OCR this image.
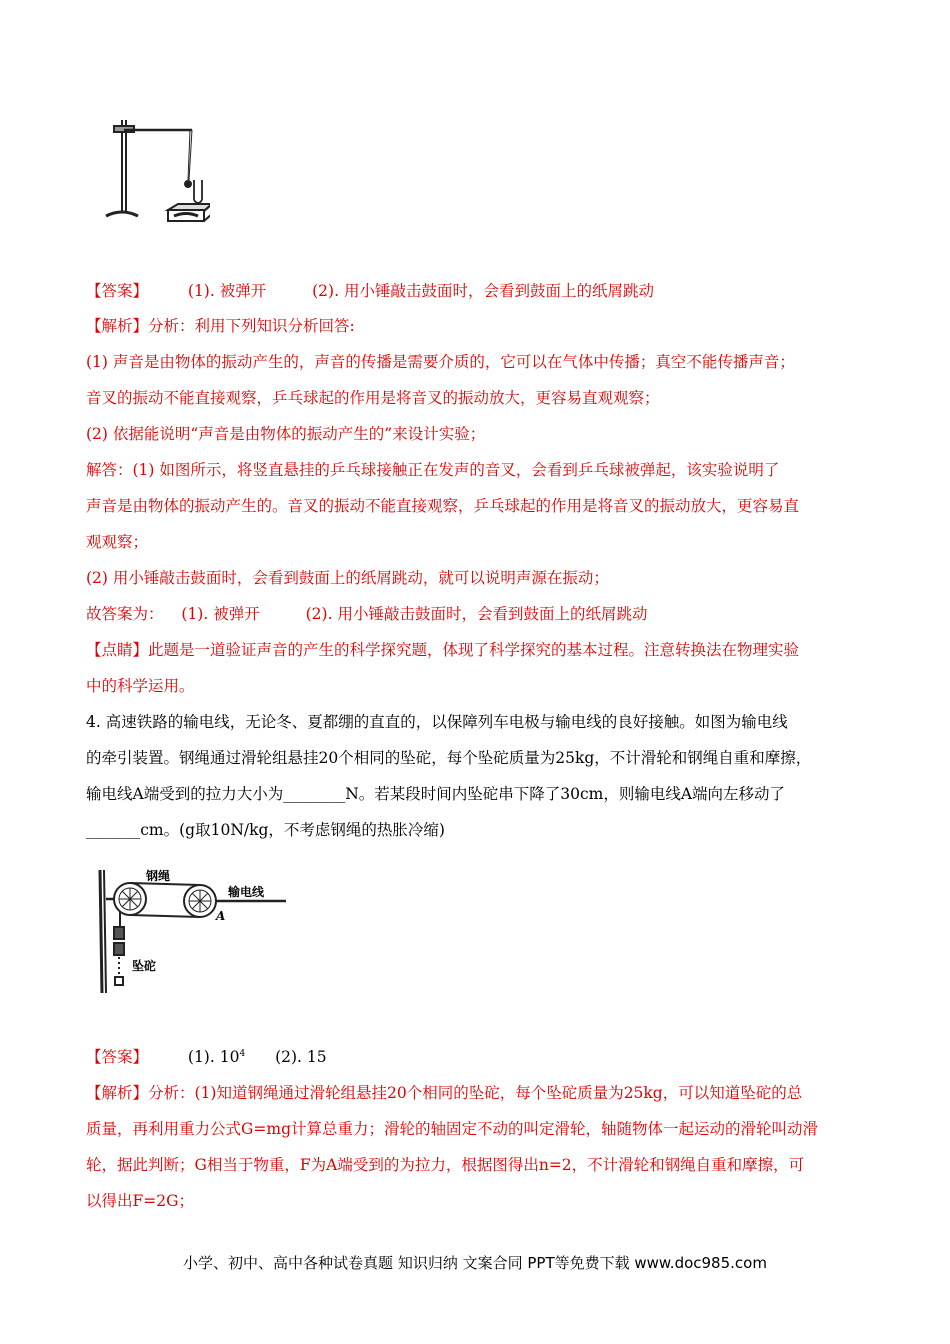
【答案】	(1). 被弹开	(2). 用小锤敲击鼓面时，会看到鼓面上的纸屑跳动
【解析】分析：利用下列知识分析回答:
(1) 声音是由物体的振动产生的，声音的传播是需要介质的，它可以在气体中传播；真空不能传播声音；
音叉的振动不能直接观察，乒乓球起的作用是将音叉的振动放大，更容易直观观察；
(2) 依据能说明“声音是由物体的振动产生的”来设计实验；
解答：(1) 如图所示，将竖直悬挂的乒乓球接触正在发声的音叉，会看到乒乓球被弹起，该实验说明了
声音是由物体的振动产生的。音叉的振动不能直接观察，乒乓球起的作用是将音叉的振动放大，更容易直
观观察；
(2) 用小锤敲击鼓面时，会看到鼓面上的纸屑跳动，就可以说明声源在振动；
故答案为： (1). 被弹开	(2). 用小锤敲击鼓面时，会看到鼓面上的纸屑跳动
【点睛】此题是一道验证声音的产生的科学探究题，体现了科学探究的基本过程。注意转换法在物理实验
中的科学运用。
4. 高速铁路的输电线，无论冬、夏都绷的直直的，以保障列车电极与输电线的良好接触。如图为输电线
的牵引装置。钢绳通过滑轮组悬挂20个相同的坠砣，每个坠砣质量为25kg，不计滑轮和钢绳自重和摩擦，
输电线A端受到的拉力大小为________N。若某段时间内坠砣串下降了30cm，则输电线A端向左移动了
_______cm。(g取10N/kg，不考虑钢绳的热胀冷缩)
钢绳
输电线
A
坠砣
【答案】	(1). $10^4$ (2). 15
【解析】分析：(1)知道钢绳通过滑轮组悬挂20个相同的坠砣，每个坠砣质量为25kg，可以知道坠砣的总
质量，再利用重力公式G=mg计算总重力；滑轮的轴固定不动的叫定滑轮，轴随物体一起运动的滑轮叫动滑
轮，据此判断；G相当于物重，F为A端受到的为拉力，根据图得出n=2，不计滑轮和钢绳自重和摩擦，可
以得出F=2G；
小学、初中、高中各种试卷真题 知识归纳 文案合同 PPT等免费下载 www.doc985.com
